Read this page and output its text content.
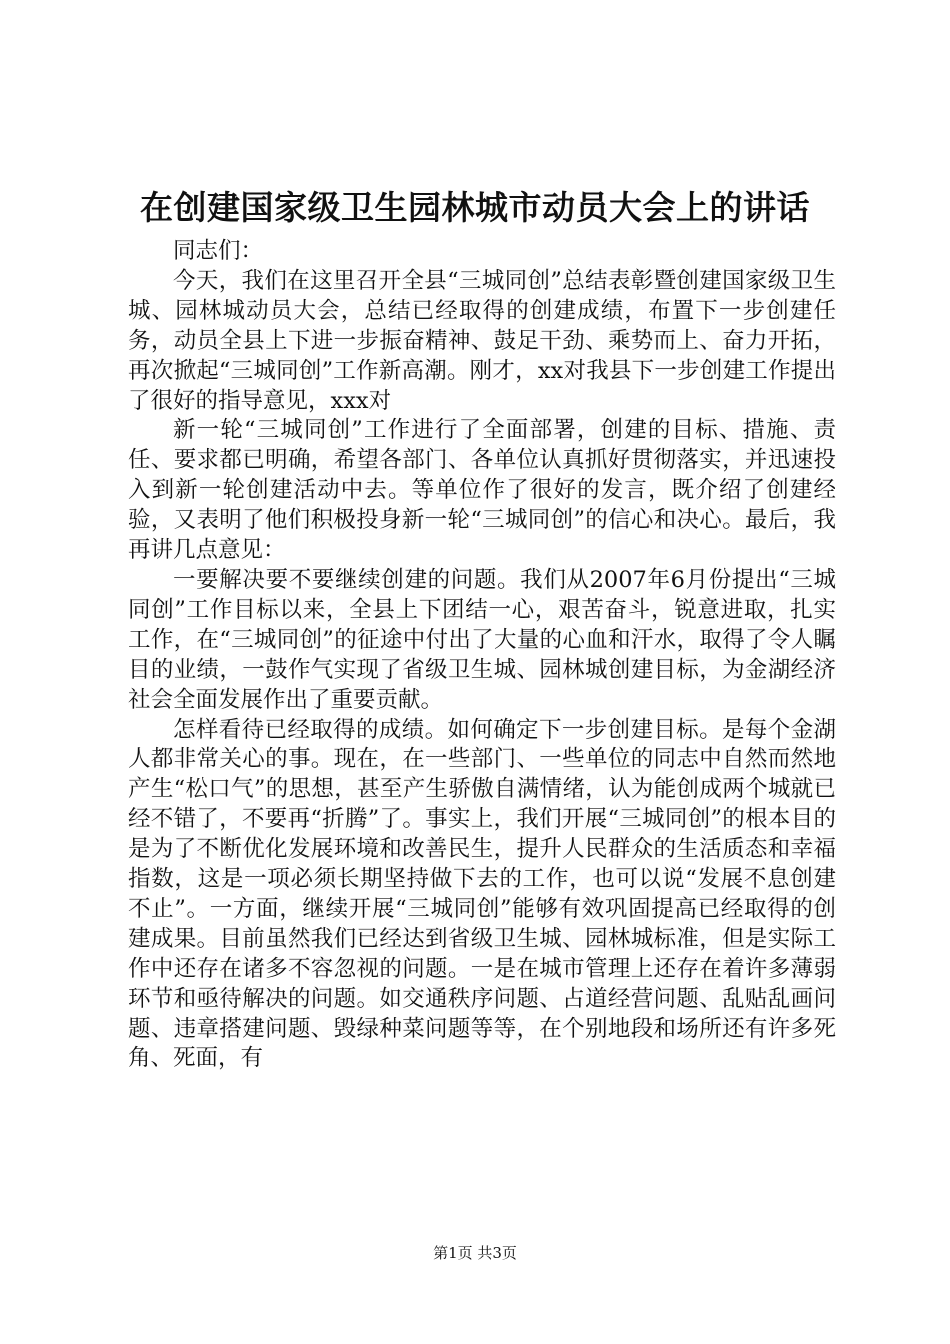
在创建国家级卫生园林城市动员大会上的讲话

同志们：

今天，我们在这里召开全县“三城同创”总结表彰暨创建国家级卫生城、园林城动员大会，总结已经取得的创建成绩，布置下一步创建任务，动员全县上下进一步振奋精神、鼓足干劲、乘势而上、奋力开拓，再次掀起“三城同创”工作新高潮。刚才，xx对我县下一步创建工作提出了很好的指导意见，xxx对

新一轮“三城同创”工作进行了全面部署，创建的目标、措施、责任、要求都已明确，希望各部门、各单位认真抓好贯彻落实，并迅速投入到新一轮创建活动中去。等单位作了很好的发言，既介绍了创建经验，又表明了他们积极投身新一轮“三城同创”的信心和决心。最后，我再讲几点意见：

一要解决要不要继续创建的问题。我们从2007年6月份提出“三城同创”工作目标以来，全县上下团结一心，艰苦奋斗，锐意进取，扎实工作，在“三城同创”的征途中付出了大量的心血和汗水，取得了令人瞩目的业绩，一鼓作气实现了省级卫生城、园林城创建目标，为金湖经济社会全面发展作出了重要贡献。

怎样看待已经取得的成绩。如何确定下一步创建目标。是每个金湖人都非常关心的事。现在，在一些部门、一些单位的同志中自然而然地产生“松口气”的思想，甚至产生骄傲自满情绪，认为能创成两个城就已经不错了，不要再“折腾”了。事实上，我们开展“三城同创”的根本目的是为了不断优化发展环境和改善民生，提升人民群众的生活质态和幸福指数，这是一项必须长期坚持做下去的工作，也可以说“发展不息创建不止”。一方面，继续开展“三城同创”能够有效巩固提高已经取得的创建成果。目前虽然我们已经达到省级卫生城、园林城标准，但是实际工作中还存在诸多不容忽视的问题。一是在城市管理上还存在着许多薄弱环节和亟待解决的问题。如交通秩序问题、占道经营问题、乱贴乱画问题、违章搭建问题、毁绿种菜问题等等，在个别地段和场所还有许多死角、死面，有

第1页 共3页
